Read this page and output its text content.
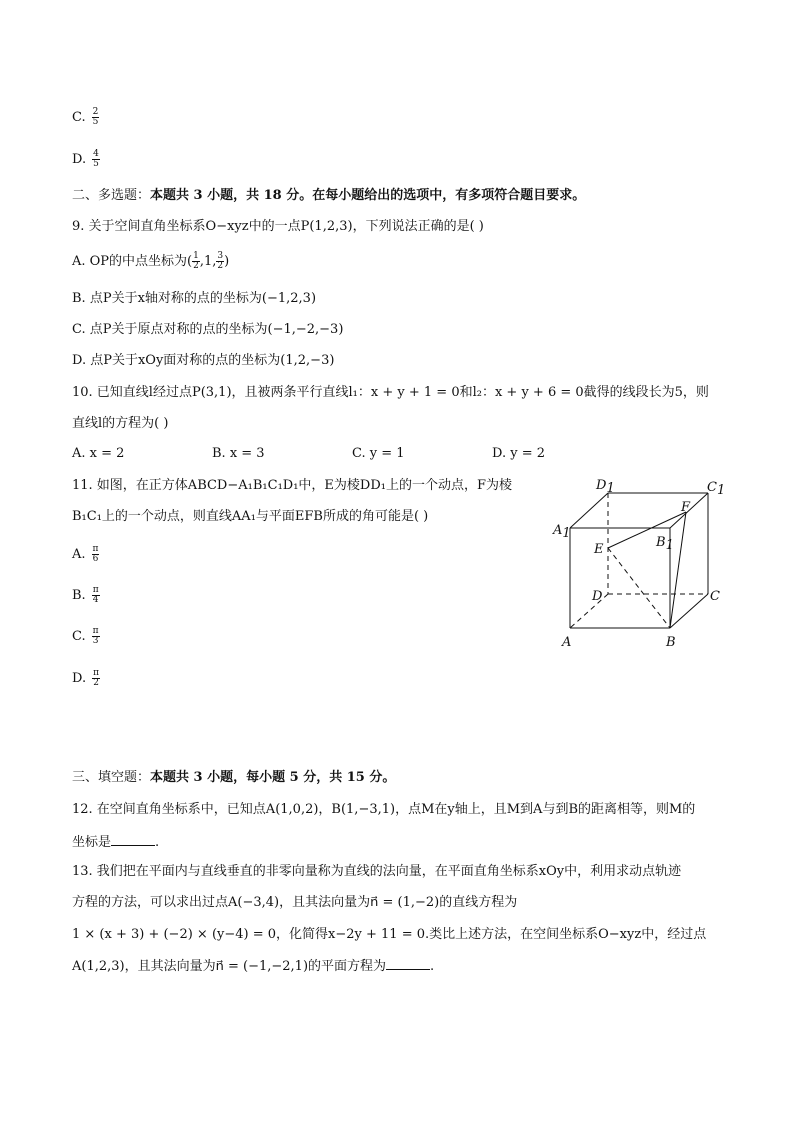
C. $\frac{2}{5}$
D. $\frac{4}{5}$
二、多选题：本题共 3 小题，共 18 分。在每小题给出的选项中，有多项符合题目要求。
9. 关于空间直角坐标系O−xyz中的一点P(1,2,3)，下列说法正确的是( )
A. OP的中点坐标为( $\frac{1}{2} ,1$, $\frac{3}{2}$ )
B. 点P关于x轴对称的点的坐标为(−1,2,3)
C. 点P关于原点对称的点的坐标为(−1,−2,−3)
D. 点P关于xOy面对称的点的坐标为(1,2,−3)
10. 已知直线l经过点P(3,1)，且被两条平行直线l₁：x + y + 1 = 0和l₂：x + y + 6 = 0截得的线段长为5，则
直线l的方程为( )
A. x = 2	B. x = 3	C. y = 1	D. y = 2
11. 如图，在正方体ABCD−A₁B₁C₁D₁中，E为棱DD₁上的一个动点，F为棱
B₁C₁上的一个动点，则直线AA₁与平面EFB所成的角可能是( )
A. $\frac{\pi}{6}$
B. $\frac{\pi}{4}$
C. $\frac{\pi}{3}$
D. $\frac{\pi}{2}$
D1	C1
A1
B1
E
F
D	C
A	B
三、填空题：本题共 3 小题，每小题 5 分，共 15 分。
12. 在空间直角坐标系中，已知点A(1,0,2)，B(1,−3,1)，点M在y轴上，且M到A与到B的距离相等，则M的
坐标是	.
13. 我们把在平面内与直线垂直的非零向量称为直线的法向量，在平面直角坐标系xOy中，利用求动点轨迹
方程的方法，可以求出过点A(−3,4)，且其法向量为n⃗ = (1,−2)的直线方程为
1 × (x + 3) + (−2) × (y−4) = 0，化简得x−2y + 11 = 0.类比上述方法，在空间坐标系O−xyz中，经过点
A(1,2,3)，且其法向量为n⃗ = (−1,−2,1)的平面方程为	.
